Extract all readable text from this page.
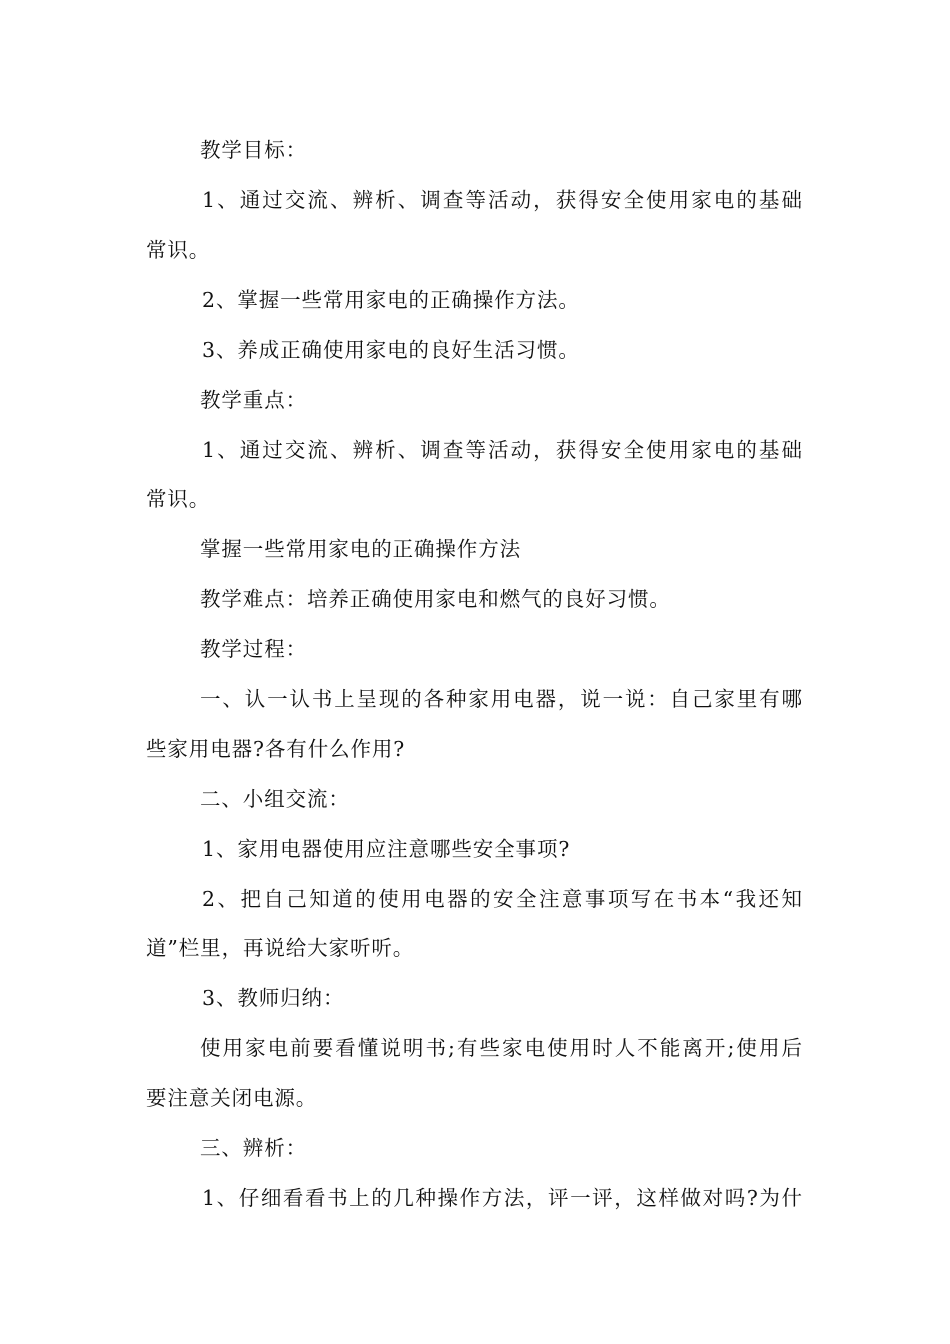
教学目标：
1、通过交流、辨析、调查等活动，获得安全使用家电的基础
常识。
2、掌握一些常用家电的正确操作方法。
3、养成正确使用家电的良好生活习惯。
教学重点：
1、通过交流、辨析、调查等活动，获得安全使用家电的基础
常识。
掌握一些常用家电的正确操作方法
教学难点：培养正确使用家电和燃气的良好习惯。
教学过程：
一、认一认书上呈现的各种家用电器，说一说：自己家里有哪
些家用电器?各有什么作用?
二、小组交流：
1、家用电器使用应注意哪些安全事项?
2、把自己知道的使用电器的安全注意事项写在书本“我还知
道”栏里，再说给大家听听。
3、教师归纳：
使用家电前要看懂说明书;有些家电使用时人不能离开;使用后
要注意关闭电源。
三、辨析：
1、仔细看看书上的几种操作方法，评一评，这样做对吗?为什
